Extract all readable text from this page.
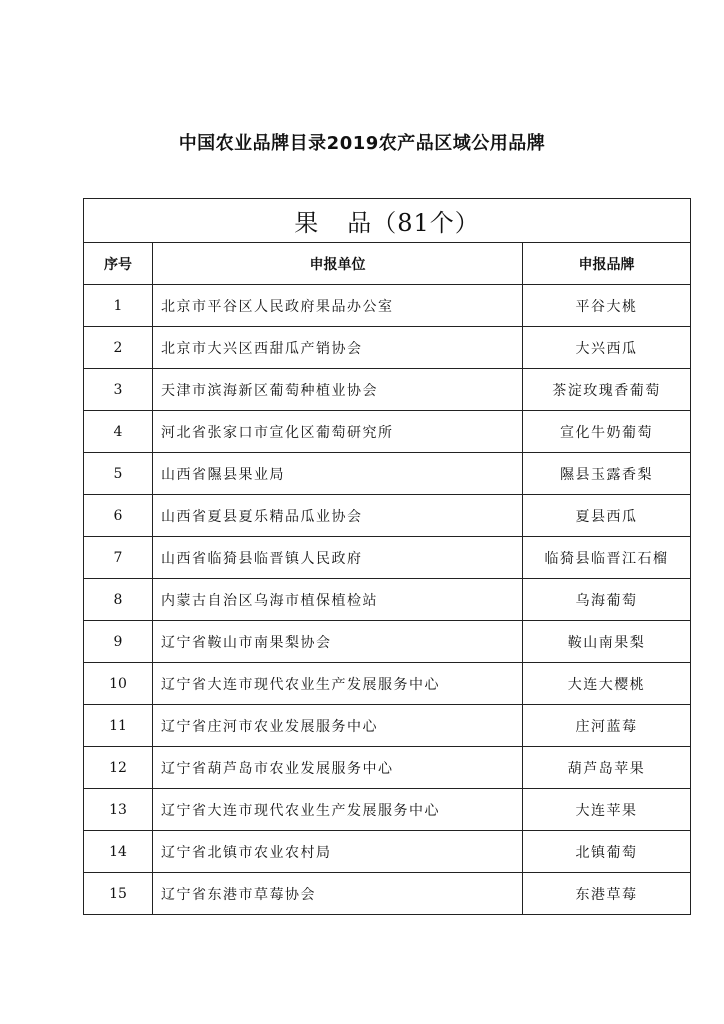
中国农业品牌目录2019农产品区域公用品牌
果 品（81个）		
序号	申报单位	申报品牌
1	北京市平谷区人民政府果品办公室	平谷大桃
2	北京市大兴区西甜瓜产销协会	大兴西瓜
3	天津市滨海新区葡萄种植业协会	茶淀玫瑰香葡萄
4	河北省张家口市宣化区葡萄研究所	宣化牛奶葡萄
5	山西省隰县果业局	隰县玉露香梨
6	山西省夏县夏乐精品瓜业协会	夏县西瓜
7	山西省临猗县临晋镇人民政府	临猗县临晋江石榴
8	内蒙古自治区乌海市植保植检站	乌海葡萄
9	辽宁省鞍山市南果梨协会	鞍山南果梨
10	辽宁省大连市现代农业生产发展服务中心	大连大樱桃
11	辽宁省庄河市农业发展服务中心	庄河蓝莓
12	辽宁省葫芦岛市农业发展服务中心	葫芦岛苹果
13	辽宁省大连市现代农业生产发展服务中心	大连苹果
14	辽宁省北镇市农业农村局	北镇葡萄
15	辽宁省东港市草莓协会	东港草莓
